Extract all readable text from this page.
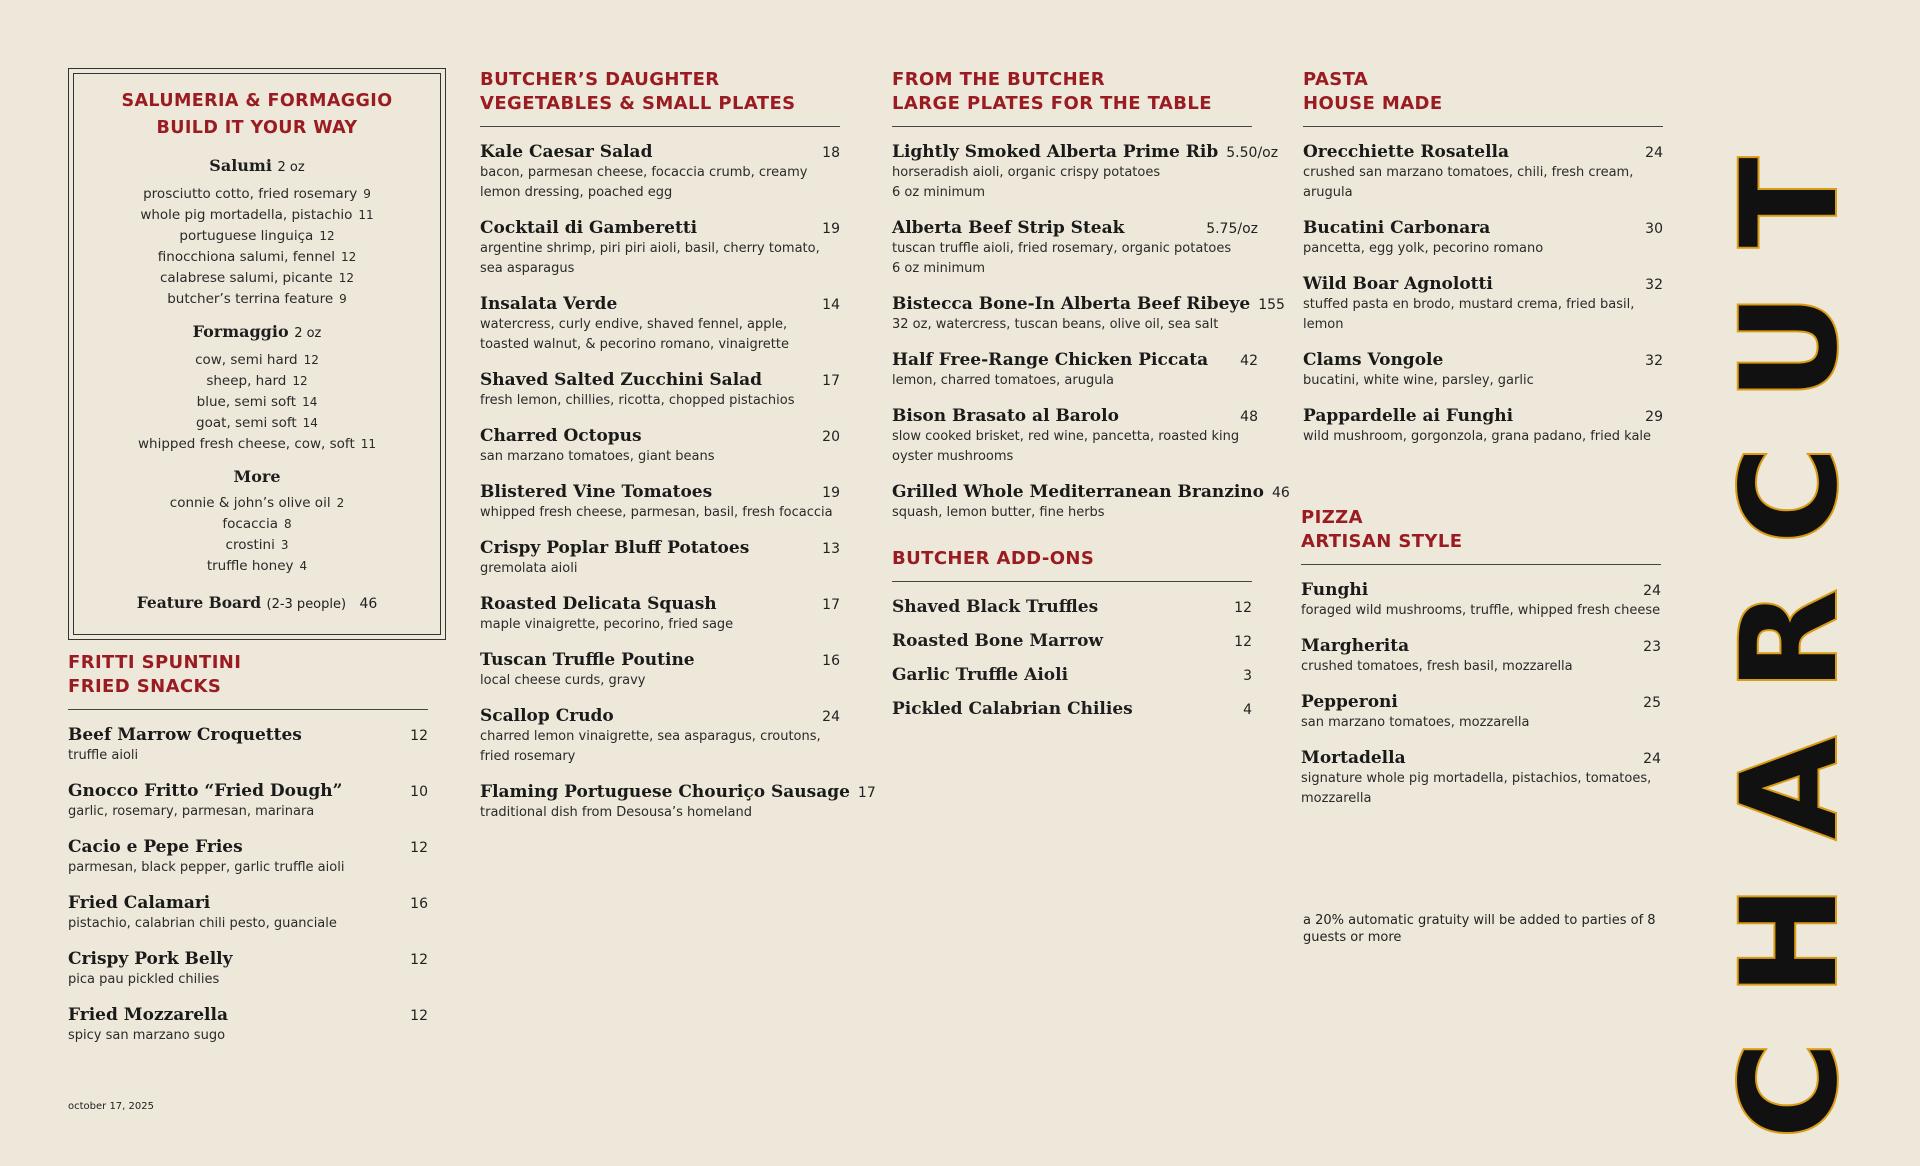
SALUMERIA & FORMAGGIO
BUILD IT YOUR WAY
Salumi 2 oz
prosciutto cotto, fried rosemary 9
whole pig mortadella, pistachio 11
portuguese linguiça 12
finocchiona salumi, fennel 12
calabrese salumi, picante 12
butcher’s terrina feature 9
Formaggio 2 oz
cow, semi hard 12
sheep, hard 12
blue, semi soft 14
goat, semi soft 14
whipped fresh cheese, cow, soft 11
More
connie & john’s olive oil 2
focaccia 8
crostini 3
truffle honey 4
Feature Board (2-3 people) 46
FRITTI SPUNTINI
FRIED SNACKS
Beef Marrow Croquettes	12
truffle aioli
Gnocco Fritto “Fried Dough”	10
garlic, rosemary, parmesan, marinara
Cacio e Pepe Fries	12
parmesan, black pepper, garlic truffle aioli
Fried Calamari	16
pistachio, calabrian chili pesto, guanciale
Crispy Pork Belly	12
pica pau pickled chilies
Fried Mozzarella	12
spicy san marzano sugo
BUTCHER’S DAUGHTER
VEGETABLES & SMALL PLATES
Kale Caesar Salad	18
bacon, parmesan cheese, focaccia crumb, creamy lemon dressing, poached egg
Cocktail di Gamberetti	19
argentine shrimp, piri piri aioli, basil, cherry tomato, sea asparagus
Insalata Verde	14
watercress, curly endive, shaved fennel, apple, toasted walnut, & pecorino romano, vinaigrette
Shaved Salted Zucchini Salad	17
fresh lemon, chillies, ricotta, chopped pistachios
Charred Octopus	20
san marzano tomatoes, giant beans
Blistered Vine Tomatoes	19
whipped fresh cheese, parmesan, basil, fresh focaccia
Crispy Poplar Bluff Potatoes	13
gremolata aioli
Roasted Delicata Squash	17
maple vinaigrette, pecorino, fried sage
Tuscan Truffle Poutine	16
local cheese curds, gravy
Scallop Crudo	24
charred lemon vinaigrette, sea asparagus, croutons, fried rosemary
Flaming Portuguese Chouriço Sausage 17
traditional dish from Desousa’s homeland
FROM THE BUTCHER
LARGE PLATES FOR THE TABLE
Lightly Smoked Alberta Prime Rib 5.50/oz
horseradish aioli, organic crispy potatoes
6 oz minimum
Alberta Beef Strip Steak	5.75/oz
tuscan truffle aioli, fried rosemary, organic potatoes
6 oz minimum
Bistecca Bone-In Alberta Beef Ribeye 155
32 oz, watercress, tuscan beans, olive oil, sea salt
Half Free-Range Chicken Piccata	42
lemon, charred tomatoes, arugula
Bison Brasato al Barolo	48
slow cooked brisket, red wine, pancetta, roasted king oyster mushrooms
Grilled Whole Mediterranean Branzino 46
squash, lemon butter, fine herbs
BUTCHER ADD-ONS
Shaved Black Truffles	12
Roasted Bone Marrow	12
Garlic Truffle Aioli	3
Pickled Calabrian Chilies	4
PASTA
HOUSE MADE
Orecchiette Rosatella	24
crushed san marzano tomatoes, chili, fresh cream, arugula
Bucatini Carbonara	30
pancetta, egg yolk, pecorino romano
Wild Boar Agnolotti	32
stuffed pasta en brodo, mustard crema, fried basil, lemon
Clams Vongole	32
bucatini, white wine, parsley, garlic
Pappardelle ai Funghi	29
wild mushroom, gorgonzola, grana padano, fried kale
PIZZA
ARTISAN STYLE
Funghi	24
foraged wild mushrooms, truffle, whipped fresh cheese
Margherita	23
crushed tomatoes, fresh basil, mozzarella
Pepperoni	25
san marzano tomatoes, mozzarella
Mortadella	24
signature whole pig mortadella, pistachios, tomatoes, mozzarella
a 20% automatic gratuity will be added to parties of 8 guests or more
october 17, 2025	CHARCUT
